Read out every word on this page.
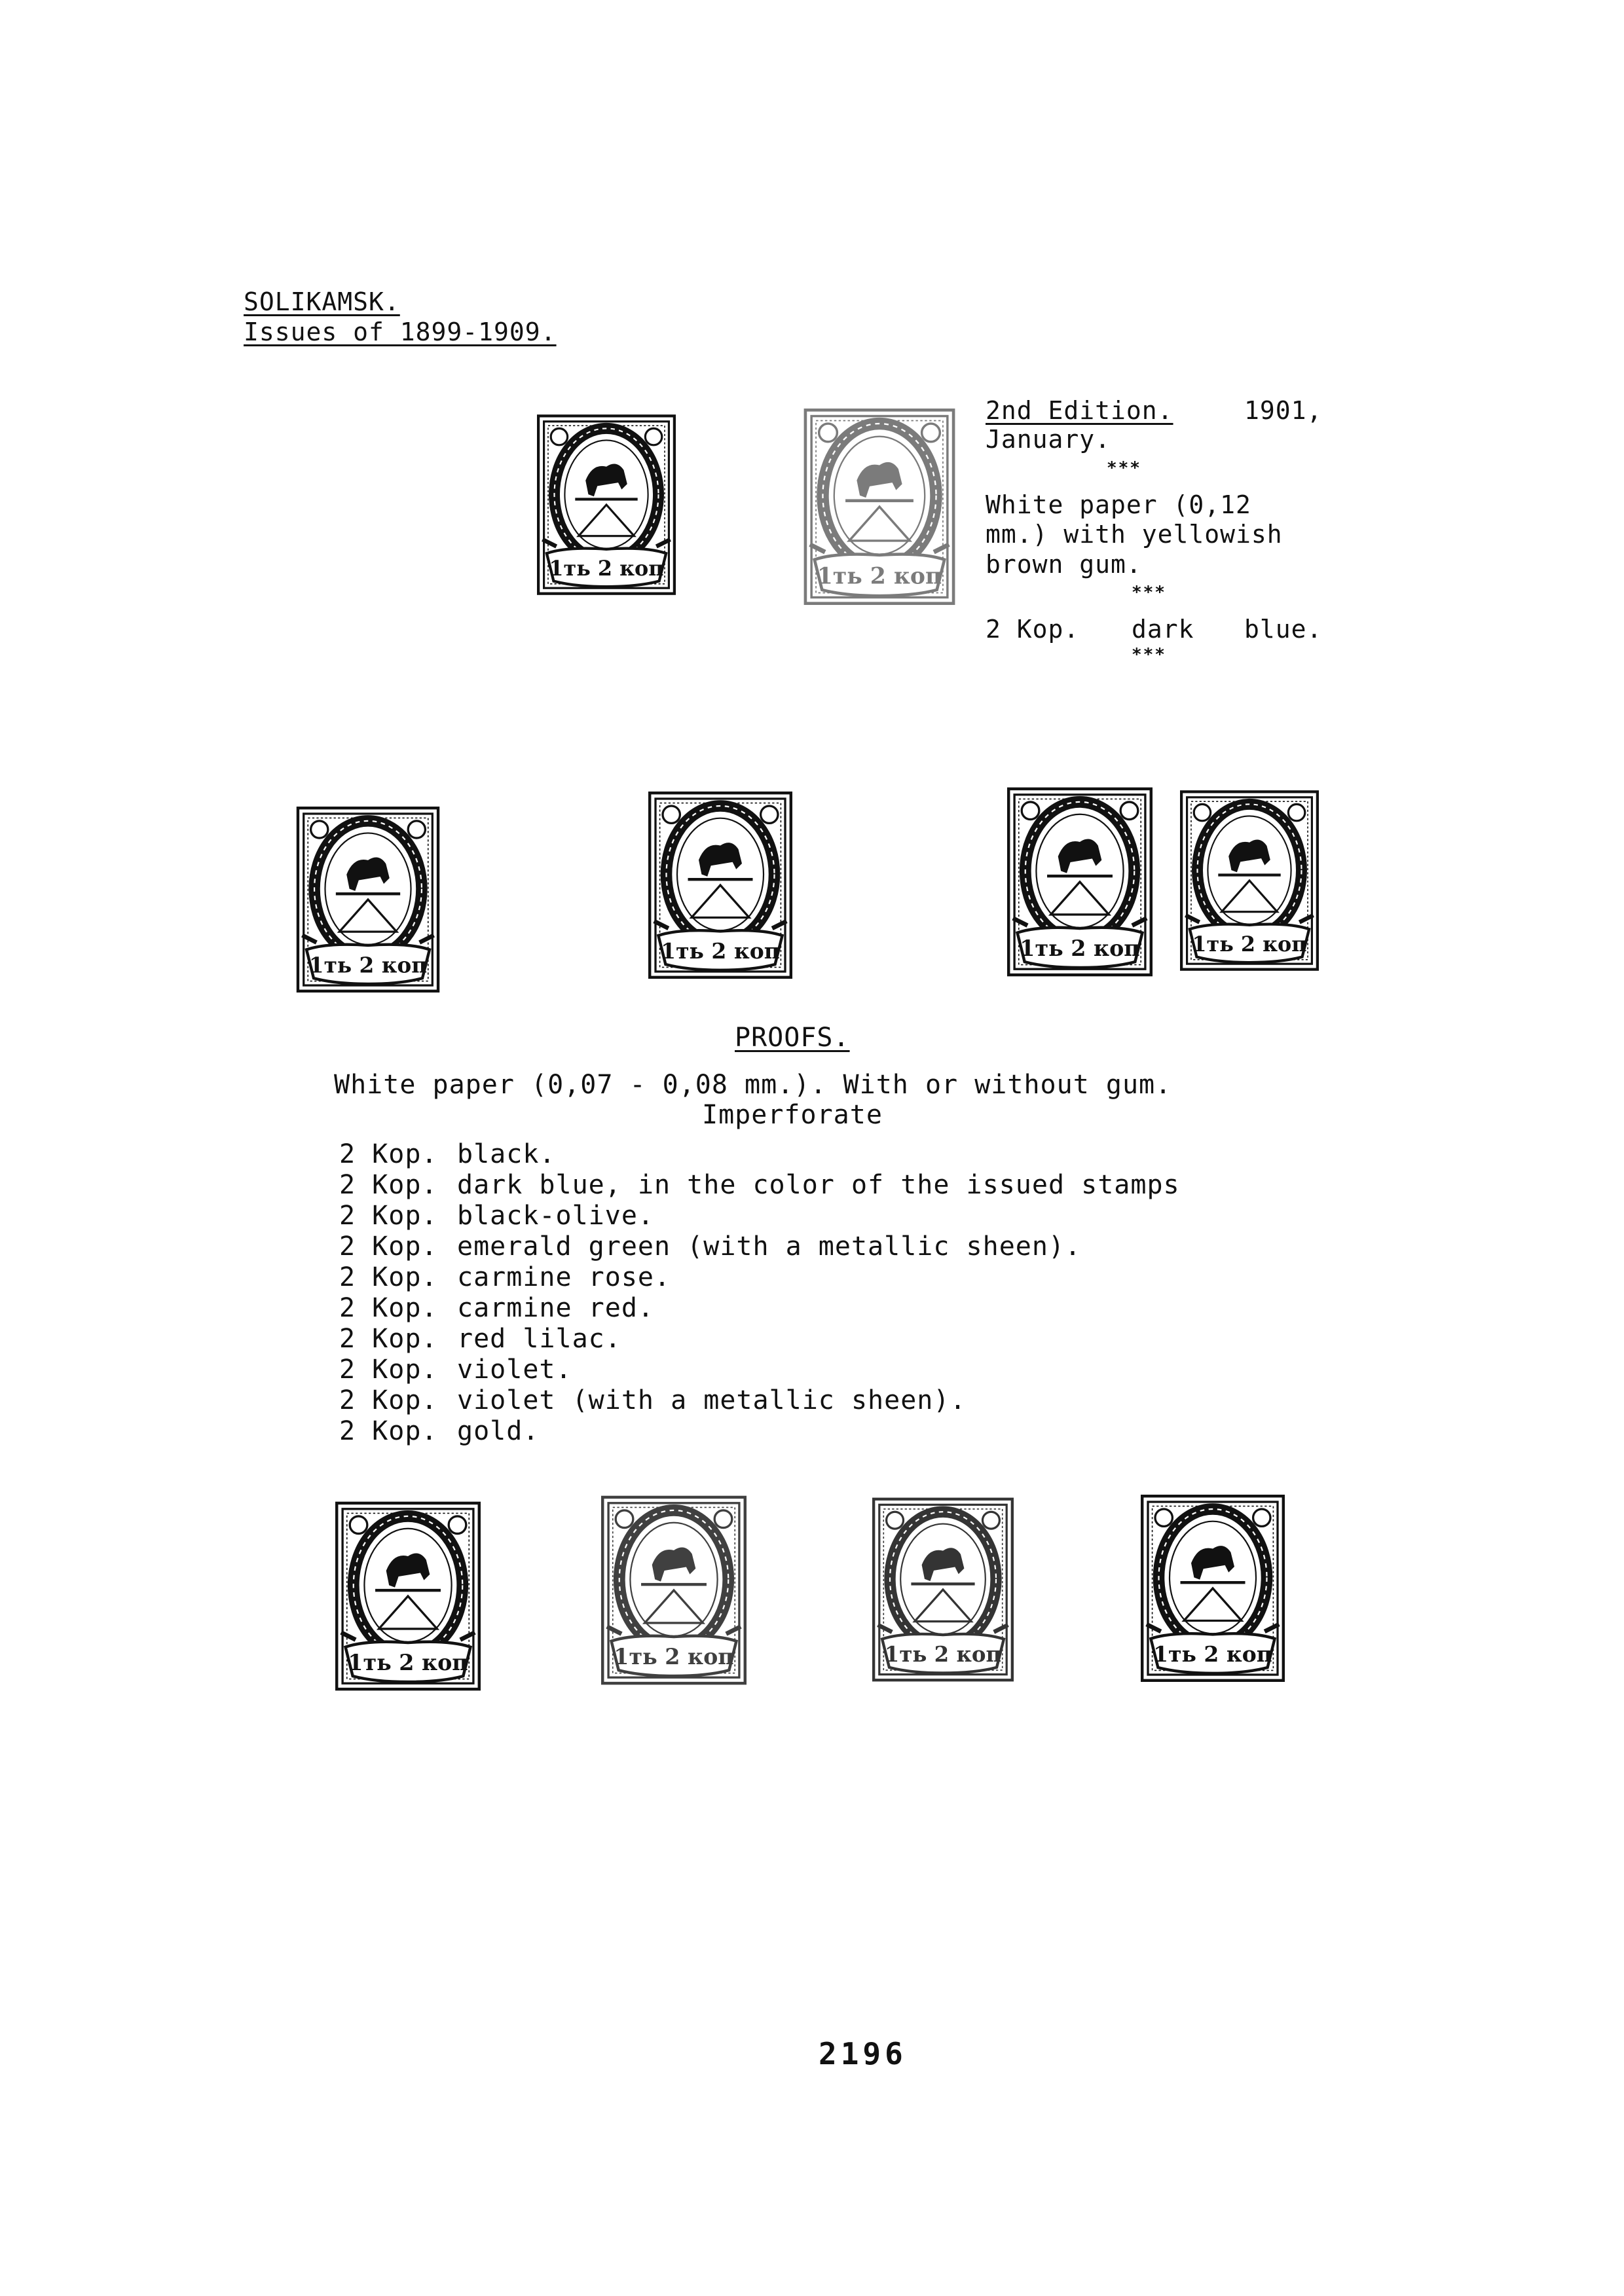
SOLIKAMSK.
Issues of 1899-1909.
2nd Edition.	1901,
January.
***
White paper (0,12
mm.) with yellowish
brown gum.
***
2 Kop. dark blue.
***
PROOFS.
White paper (0,07 - 0,08 mm.). With or without gum.
Imperforate
2 Kop. black.
2 Kop. dark blue, in the color of the issued stamps
2 Kop. black-olive.
2 Kop. emerald green (with a metallic sheen).
2 Kop. carmine rose.
2 Kop. carmine red.
2 Kop. red lilac.
2 Kop. violet.
2 Kop. violet (with a metallic sheen).
2 Kop. gold.
2196
